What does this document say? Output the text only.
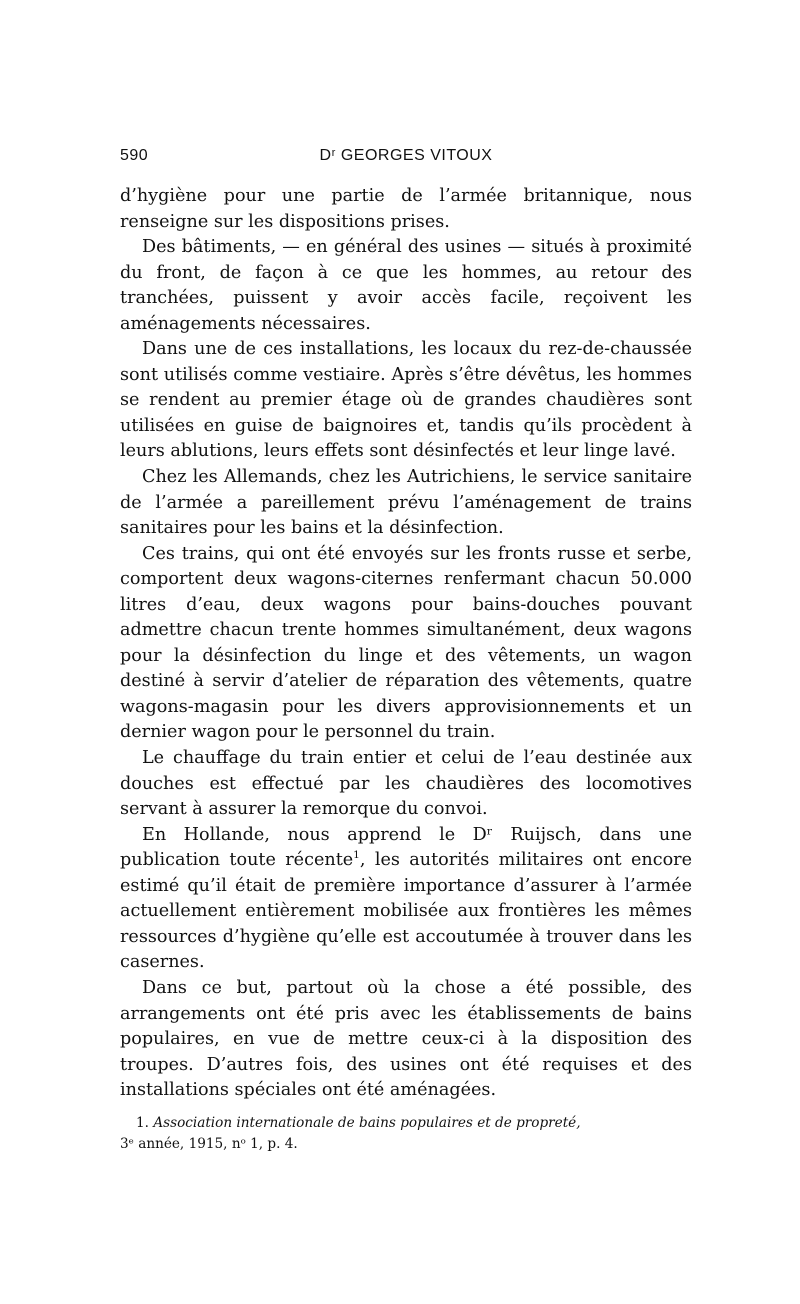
590	Dʳ GEORGES VITOUX

d’hygiène pour une partie de l’armée britannique, nous renseigne sur les dispositions prises.

Des bâtiments, — en général des usines — situés à proximité du front, de façon à ce que les hommes, au retour des tranchées, puissent y avoir accès facile, reçoivent les aménagements nécessaires.

Dans une de ces installations, les locaux du rez-de-chaussée sont utilisés comme vestiaire. Après s’être dévêtus, les hommes se rendent au premier étage où de grandes chaudières sont utilisées en guise de baignoires et, tandis qu’ils procèdent à leurs ablutions, leurs effets sont désinfectés et leur linge lavé.

Chez les Allemands, chez les Autrichiens, le service sanitaire de l’armée a pareillement prévu l’aménagement de trains sanitaires pour les bains et la désinfection.

Ces trains, qui ont été envoyés sur les fronts russe et serbe, comportent deux wagons-citernes renfermant chacun 50.000 litres d’eau, deux wagons pour bains-douches pouvant admettre chacun trente hommes simultanément, deux wagons pour la désinfection du linge et des vêtements, un wagon destiné à servir d’atelier de réparation des vêtements, quatre wagons-magasin pour les divers approvisionnements et un dernier wagon pour le personnel du train.

Le chauffage du train entier et celui de l’eau destinée aux douches est effectué par les chaudières des locomotives servant à assurer la remorque du convoi.

En Hollande, nous apprend le Dʳ Ruijsch, dans une publication toute récente$^1$, les autorités militaires ont encore estimé qu’il était de première importance d’assurer à l’armée actuellement entièrement mobilisée aux frontières les mêmes ressources d’hygiène qu’elle est accoutumée à trouver dans les casernes.

Dans ce but, partout où la chose a été possible, des arrangements ont été pris avec les établissements de bains populaires, en vue de mettre ceux-ci à la disposition des troupes. D’autres fois, des usines ont été requises et des installations spéciales ont été aménagées.

1. Association internationale de bains populaires et de propreté,
3ᵉ année, 1915, nᵒ 1, p. 4.
